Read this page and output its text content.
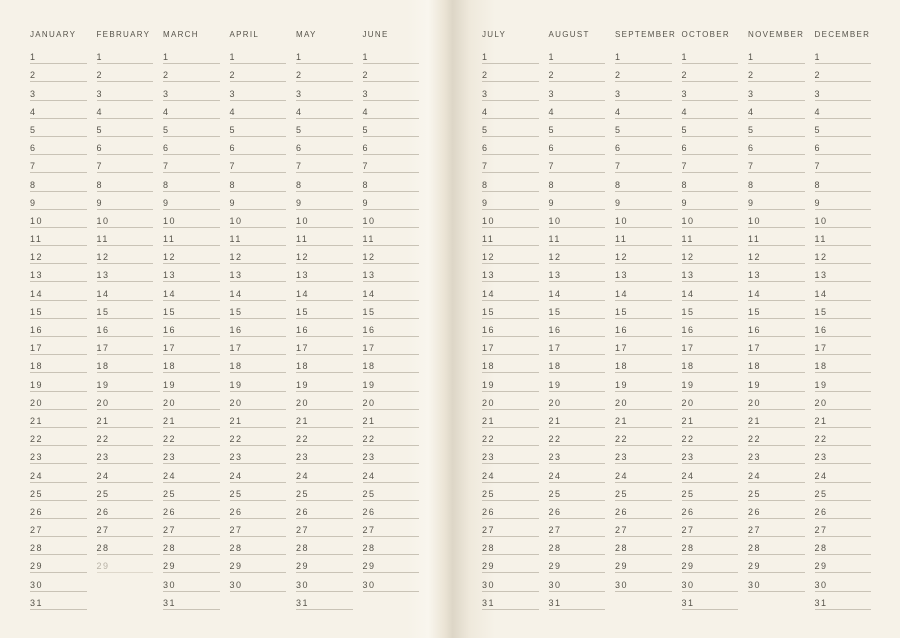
JANUARY
1
2
3
4
5
6
7
8
9
10
11
12
13
14
15
16
17
18
19
20
21
22
23
24
25
26
27
28
29
30
31
FEBRUARY
1
2
3
4
5
6
7
8
9
10
11
12
13
14
15
16
17
18
19
20
21
22
23
24
25
26
27
28
29
MARCH
1
2
3
4
5
6
7
8
9
10
11
12
13
14
15
16
17
18
19
20
21
22
23
24
25
26
27
28
29
30
31
APRIL
1
2
3
4
5
6
7
8
9
10
11
12
13
14
15
16
17
18
19
20
21
22
23
24
25
26
27
28
29
30
MAY
1
2
3
4
5
6
7
8
9
10
11
12
13
14
15
16
17
18
19
20
21
22
23
24
25
26
27
28
29
30
31
JUNE
1
2
3
4
5
6
7
8
9
10
11
12
13
14
15
16
17
18
19
20
21
22
23
24
25
26
27
28
29
30
JULY
1
2
3
4
5
6
7
8
9
10
11
12
13
14
15
16
17
18
19
20
21
22
23
24
25
26
27
28
29
30
31
AUGUST
1
2
3
4
5
6
7
8
9
10
11
12
13
14
15
16
17
18
19
20
21
22
23
24
25
26
27
28
29
30
31
SEPTEMBER
1
2
3
4
5
6
7
8
9
10
11
12
13
14
15
16
17
18
19
20
21
22
23
24
25
26
27
28
29
30
OCTOBER
1
2
3
4
5
6
7
8
9
10
11
12
13
14
15
16
17
18
19
20
21
22
23
24
25
26
27
28
29
30
31
NOVEMBER
1
2
3
4
5
6
7
8
9
10
11
12
13
14
15
16
17
18
19
20
21
22
23
24
25
26
27
28
29
30
DECEMBER
1
2
3
4
5
6
7
8
9
10
11
12
13
14
15
16
17
18
19
20
21
22
23
24
25
26
27
28
29
30
31
